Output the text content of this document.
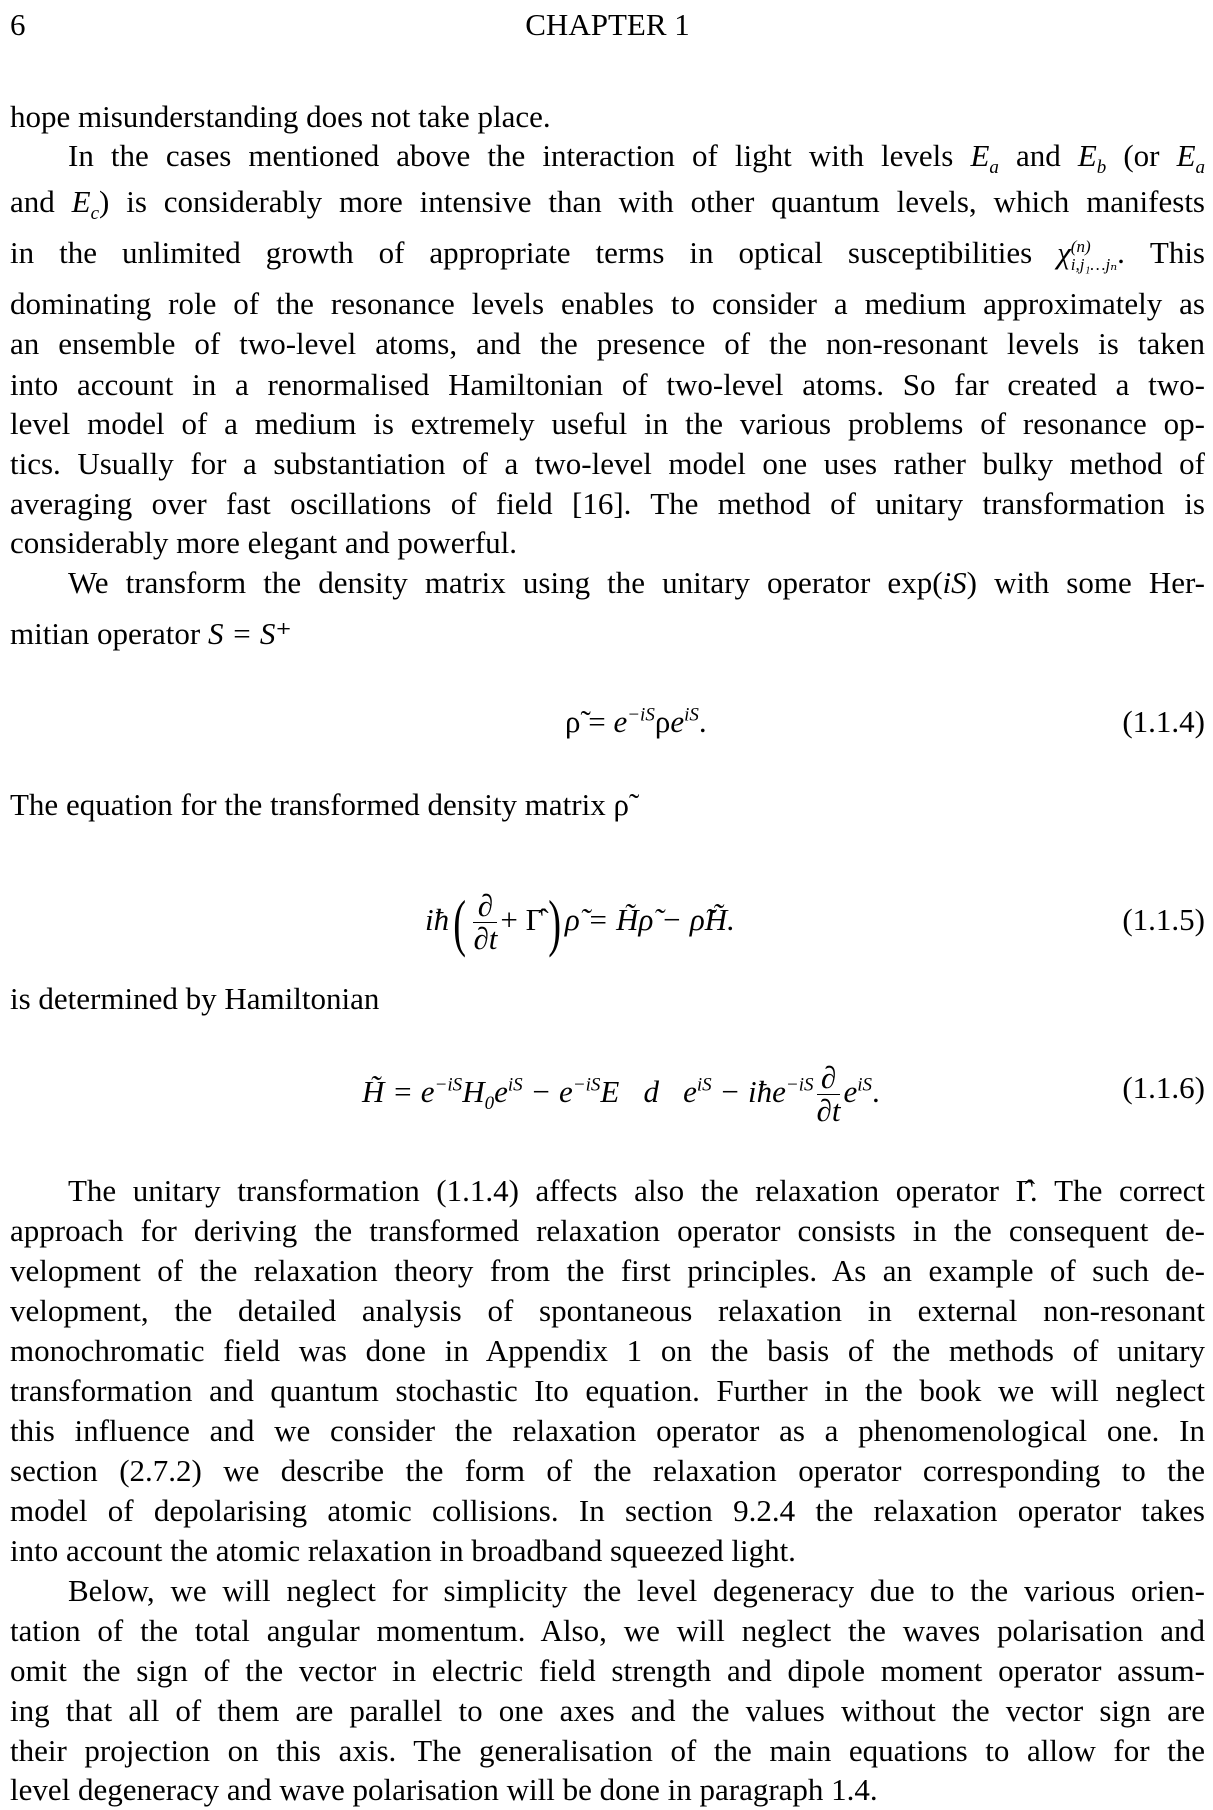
6	CHAPTER 1
hope misunderstanding does not take place.
In the cases mentioned above the interaction of light with levels $E_a$ and $E_b$ (or $E_a$
and $E_c$) is considerably more intensive than with other quantum levels, which manifests
in the unlimited growth of appropriate terms in optical susceptibilities χ (n)
i,j₁…jₙ . This
dominating role of the resonance levels enables to consider a medium approximately as
an ensemble of two-level atoms, and the presence of the non-resonant levels is taken
into account in a renormalised Hamiltonian of two-level atoms. So far created a two-
level model of a medium is extremely useful in the various problems of resonance op-
tics. Usually for a substantiation of a two-level model one uses rather bulky method of
averaging over fast oscillations of field [16]. The method of unitary transformation is
considerably more elegant and powerful.
We transform the density matrix using the unitary operator exp(iS) with some Her-
mitian operator S = S⁺
ρ̃ = $e^{-iS}\rho e^{iS}$.	(1.1.4)
The equation for the transformed density matrix ρ̃
iħ( $\frac{\partial}{\partial t}$ + Γ̂) ρ̃ = H̃ρ̃ − ρ̃H̃.	(1.1.5)
is determined by Hamiltonian
H̃ = $e^{-iS}H_0e^{iS}$ − $e^{-iS}E⃗d⃗e^{iS}$ − iħe$^{-iS}$ $\frac{\partial}{\partial t} e^{iS}$.	(1.1.6)
The unitary transformation (1.1.4) affects also the relaxation operator Γ̂. The correct
approach for deriving the transformed relaxation operator consists in the consequent de-
velopment of the relaxation theory from the first principles. As an example of such de-
velopment, the detailed analysis of spontaneous relaxation in external non-resonant
monochromatic field was done in Appendix 1 on the basis of the methods of unitary
transformation and quantum stochastic Ito equation. Further in the book we will neglect
this influence and we consider the relaxation operator as a phenomenological one. In
section (2.7.2) we describe the form of the relaxation operator corresponding to the
model of depolarising atomic collisions. In section 9.2.4 the relaxation operator takes
into account the atomic relaxation in broadband squeezed light.
Below, we will neglect for simplicity the level degeneracy due to the various orien-
tation of the total angular momentum. Also, we will neglect the waves polarisation and
omit the sign of the vector in electric field strength and dipole moment operator assum-
ing that all of them are parallel to one axes and the values without the vector sign are
their projection on this axis. The generalisation of the main equations to allow for the
level degeneracy and wave polarisation will be done in paragraph 1.4.
